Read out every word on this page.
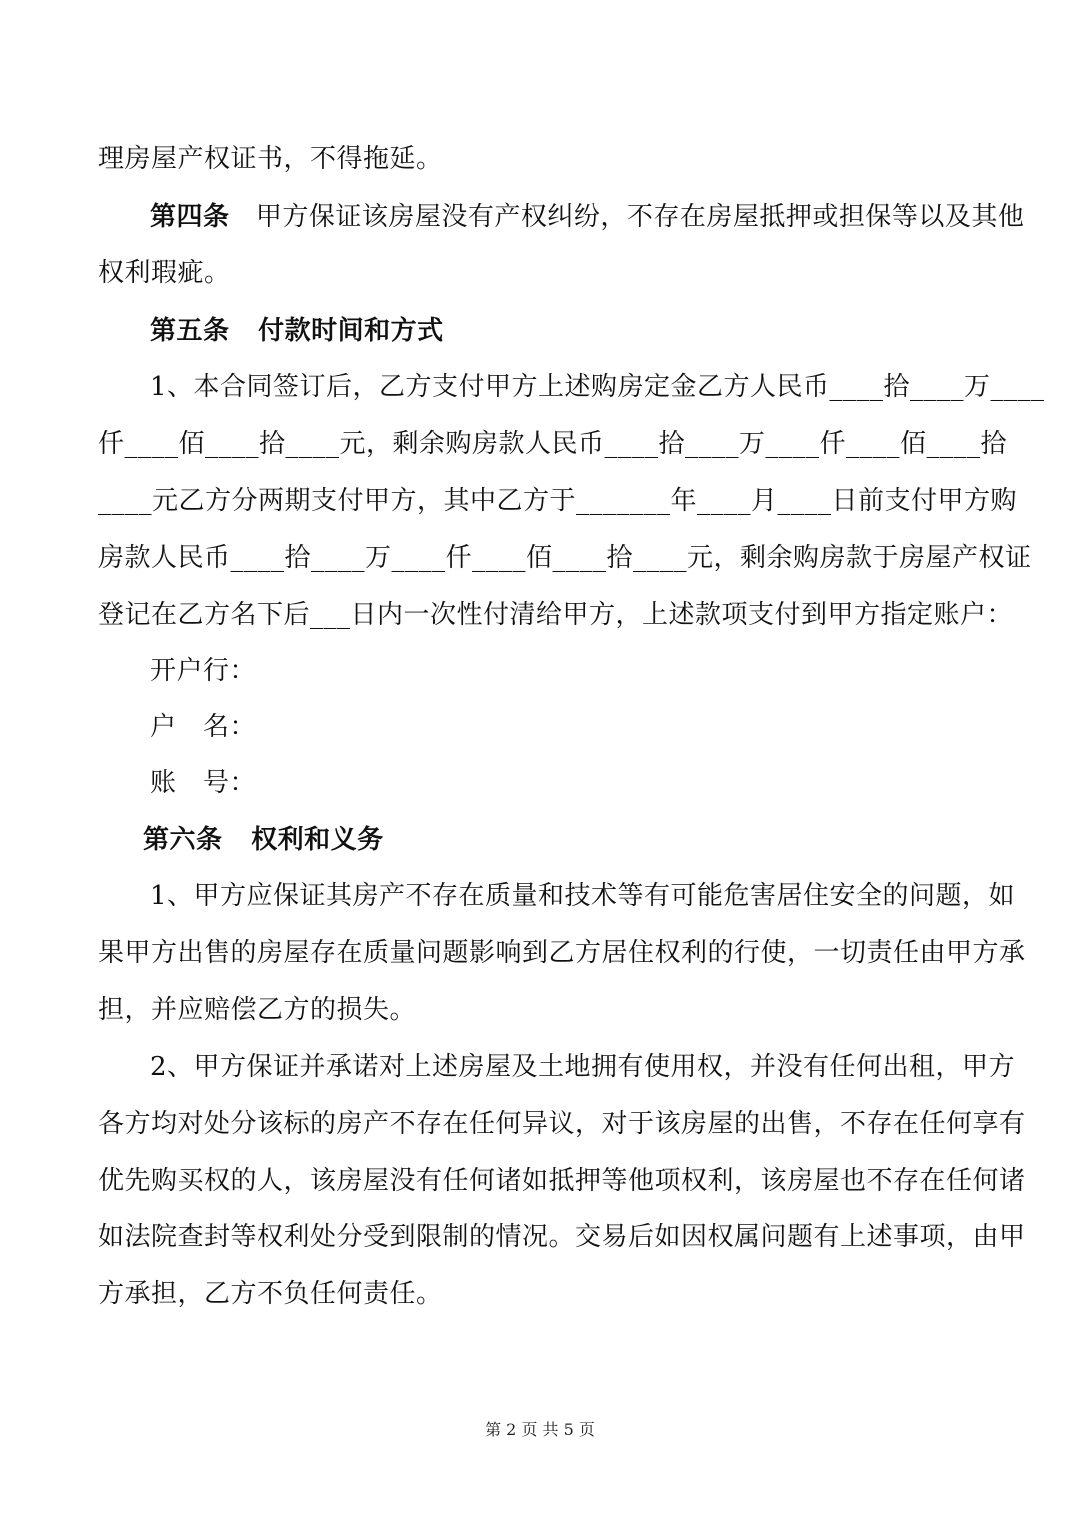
理房屋产权证书，不得拖延。
第四条 甲方保证该房屋没有产权纠纷，不存在房屋抵押或担保等以及其他
权利瑕疵。
第五条 付款时间和方式
1、本合同签订后，乙方支付甲方上述购房定金乙方人民币____拾____万____
仟____佰____拾____元，剩余购房款人民币____拾____万____仟____佰____拾
____元乙方分两期支付甲方，其中乙方于_______年____月____日前支付甲方购
房款人民币____拾____万____仟____佰____拾____元，剩余购房款于房屋产权证
登记在乙方名下后___日内一次性付清给甲方，上述款项支付到甲方指定账户：
开户行：
户　名：
账　号：
第六条 权利和义务
1、甲方应保证其房产不存在质量和技术等有可能危害居住安全的问题，如
果甲方出售的房屋存在质量问题影响到乙方居住权利的行使，一切责任由甲方承
担，并应赔偿乙方的损失。
2、甲方保证并承诺对上述房屋及土地拥有使用权，并没有任何出租，甲方
各方均对处分该标的房产不存在任何异议，对于该房屋的出售，不存在任何享有
优先购买权的人，该房屋没有任何诸如抵押等他项权利，该房屋也不存在任何诸
如法院查封等权利处分受到限制的情况。交易后如因权属问题有上述事项，由甲
方承担，乙方不负任何责任。
第 2 页 共 5 页
